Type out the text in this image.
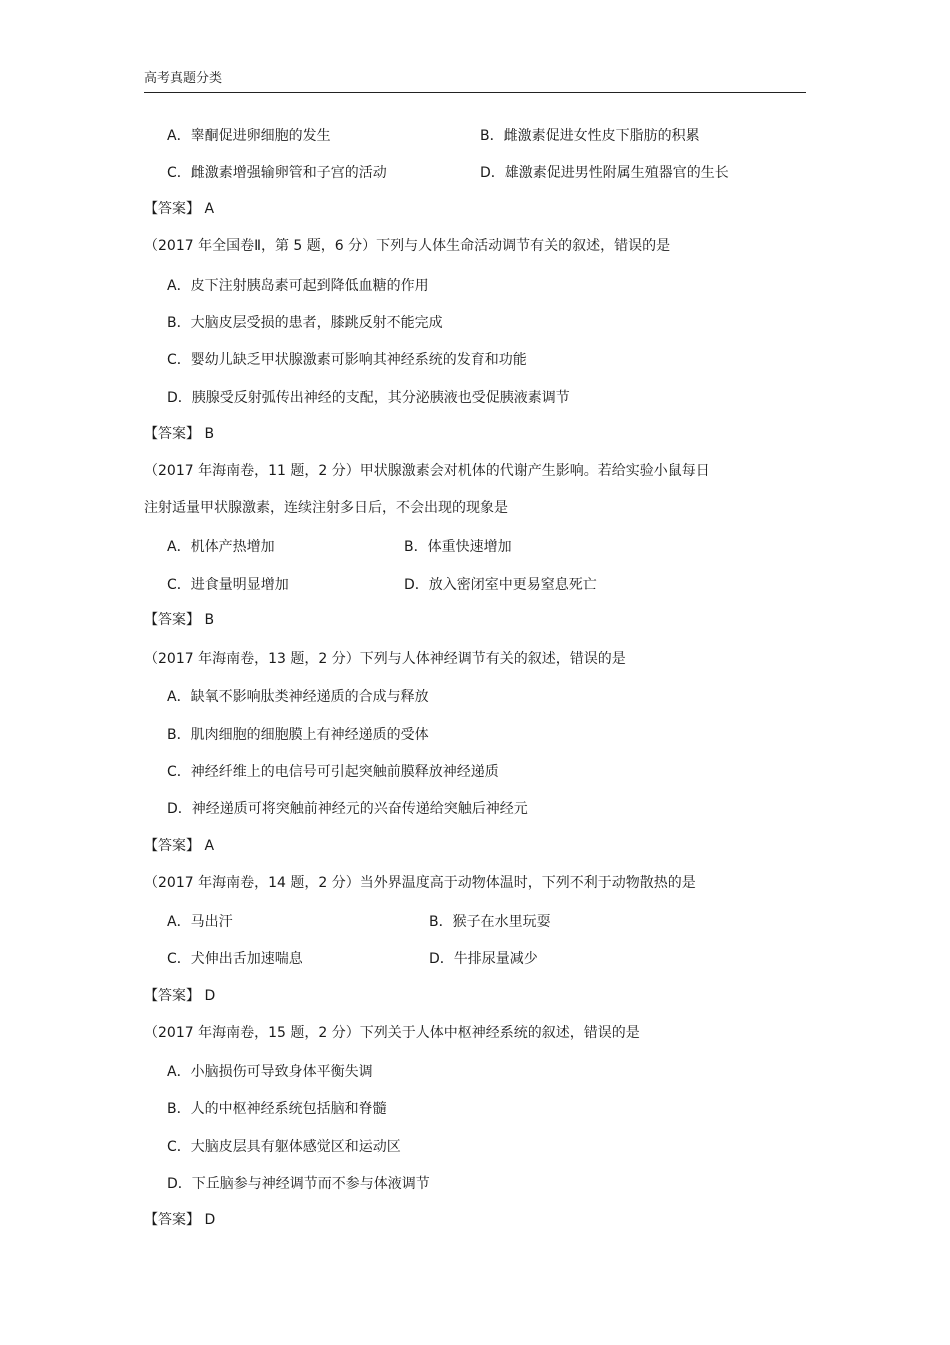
高考真题分类
A．睾酮促进卵细胞的发生	B．雌激素促进女性皮下脂肪的积累
C．雌激素增强输卵管和子宫的活动	D．雄激素促进男性附属生殖器官的生长
【答案】 A
（2017 年全国卷Ⅱ，第 5 题，6 分）下列与人体生命活动调节有关的叙述，错误的是
A．皮下注射胰岛素可起到降低血糖的作用
B．大脑皮层受损的患者，膝跳反射不能完成
C．婴幼儿缺乏甲状腺激素可影响其神经系统的发育和功能
D．胰腺受反射弧传出神经的支配，其分泌胰液也受促胰液素调节
【答案】 B
（2017 年海南卷，11 题，2 分）甲状腺激素会对机体的代谢产生影响。若给实验小鼠每日
注射适量甲状腺激素，连续注射多日后，不会出现的现象是
A．机体产热增加	B．体重快速增加
C．进食量明显增加	D．放入密闭室中更易窒息死亡
【答案】 B
（2017 年海南卷，13 题，2 分）下列与人体神经调节有关的叙述，错误的是
A．缺氧不影响肽类神经递质的合成与释放
B．肌肉细胞的细胞膜上有神经递质的受体
C．神经纤维上的电信号可引起突触前膜释放神经递质
D．神经递质可将突触前神经元的兴奋传递给突触后神经元
【答案】 A
（2017 年海南卷，14 题，2 分）当外界温度高于动物体温时，下列不利于动物散热的是
A．马出汗	B．猴子在水里玩耍
C．犬伸出舌加速喘息	D．牛排尿量减少
【答案】 D
（2017 年海南卷，15 题，2 分）下列关于人体中枢神经系统的叙述，错误的是
A．小脑损伤可导致身体平衡失调
B．人的中枢神经系统包括脑和脊髓
C．大脑皮层具有躯体感觉区和运动区
D．下丘脑参与神经调节而不参与体液调节
【答案】 D
